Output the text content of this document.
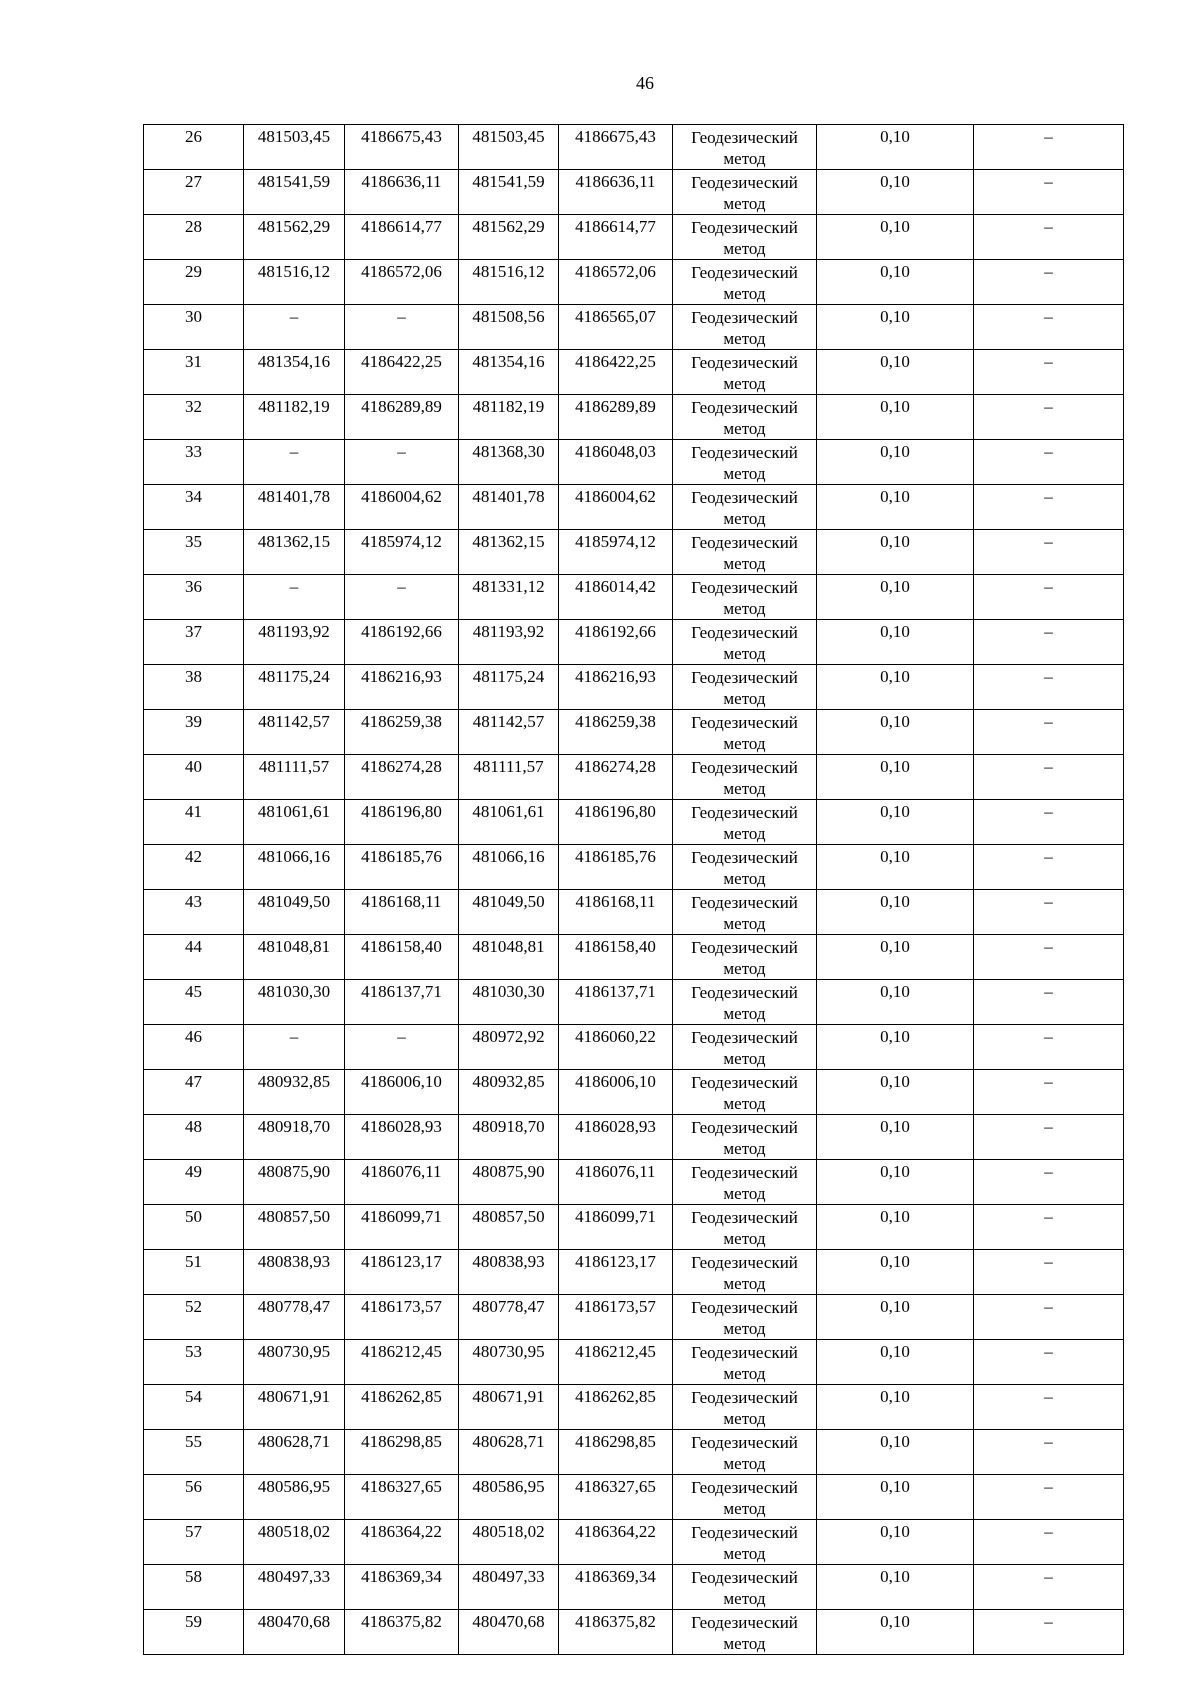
46
26	481503,45	4186675,43	481503,45	4186675,43	Геодезический
метод	0,10	–

27	481541,59	4186636,11	481541,59	4186636,11	Геодезический
метод	0,10	–

28	481562,29	4186614,77	481562,29	4186614,77	Геодезический
метод	0,10	–

29	481516,12	4186572,06	481516,12	4186572,06	Геодезический
метод	0,10	–

30	–	–	481508,56	4186565,07	Геодезический
метод	0,10	–

31	481354,16	4186422,25	481354,16	4186422,25	Геодезический
метод	0,10	–

32	481182,19	4186289,89	481182,19	4186289,89	Геодезический
метод	0,10	–

33	–	–	481368,30	4186048,03	Геодезический
метод	0,10	–

34	481401,78	4186004,62	481401,78	4186004,62	Геодезический
метод	0,10	–

35	481362,15	4185974,12	481362,15	4185974,12	Геодезический
метод	0,10	–

36	–	–	481331,12	4186014,42	Геодезический
метод	0,10	–

37	481193,92	4186192,66	481193,92	4186192,66	Геодезический
метод	0,10	–

38	481175,24	4186216,93	481175,24	4186216,93	Геодезический
метод	0,10	–

39	481142,57	4186259,38	481142,57	4186259,38	Геодезический
метод	0,10	–

40	481111,57	4186274,28	481111,57	4186274,28	Геодезический
метод	0,10	–

41	481061,61	4186196,80	481061,61	4186196,80	Геодезический
метод	0,10	–

42	481066,16	4186185,76	481066,16	4186185,76	Геодезический
метод	0,10	–

43	481049,50	4186168,11	481049,50	4186168,11	Геодезический
метод	0,10	–

44	481048,81	4186158,40	481048,81	4186158,40	Геодезический
метод	0,10	–

45	481030,30	4186137,71	481030,30	4186137,71	Геодезический
метод	0,10	–

46	–	–	480972,92	4186060,22	Геодезический
метод	0,10	–

47	480932,85	4186006,10	480932,85	4186006,10	Геодезический
метод	0,10	–

48	480918,70	4186028,93	480918,70	4186028,93	Геодезический
метод	0,10	–

49	480875,90	4186076,11	480875,90	4186076,11	Геодезический
метод	0,10	–

50	480857,50	4186099,71	480857,50	4186099,71	Геодезический
метод	0,10	–

51	480838,93	4186123,17	480838,93	4186123,17	Геодезический
метод	0,10	–

52	480778,47	4186173,57	480778,47	4186173,57	Геодезический
метод	0,10	–

53	480730,95	4186212,45	480730,95	4186212,45	Геодезический
метод	0,10	–

54	480671,91	4186262,85	480671,91	4186262,85	Геодезический
метод	0,10	–

55	480628,71	4186298,85	480628,71	4186298,85	Геодезический
метод	0,10	–

56	480586,95	4186327,65	480586,95	4186327,65	Геодезический
метод	0,10	–

57	480518,02	4186364,22	480518,02	4186364,22	Геодезический
метод	0,10	–

58	480497,33	4186369,34	480497,33	4186369,34	Геодезический
метод	0,10	–

59	480470,68	4186375,82	480470,68	4186375,82	Геодезический
метод	0,10	–
